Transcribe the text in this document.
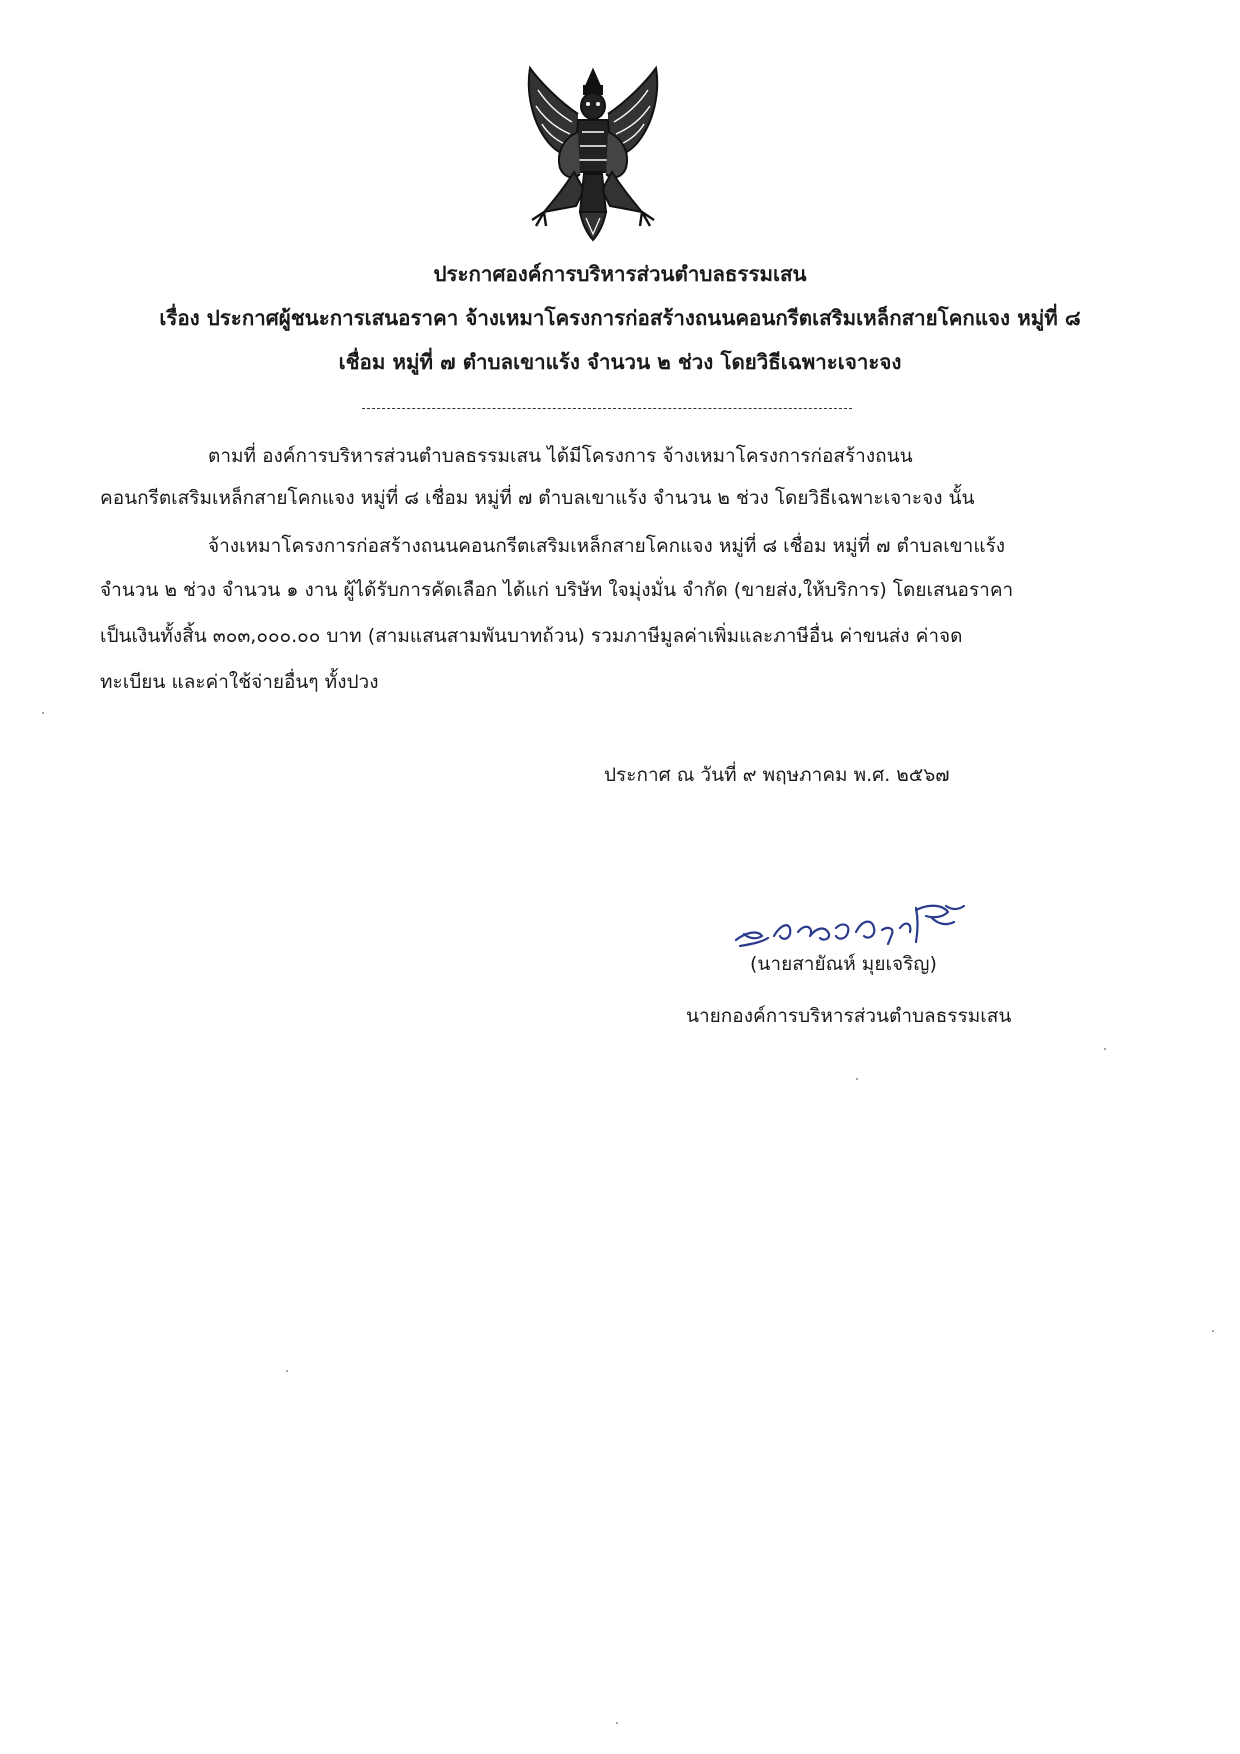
ประกาศองค์การบริหารส่วนตำบลธรรมเสน
เรื่อง ประกาศผู้ชนะการเสนอราคา จ้างเหมาโครงการก่อสร้างถนนคอนกรีตเสริมเหล็กสายโคกแจง หมู่ที่ ๘
เชื่อม หมู่ที่ ๗ ตำบลเขาแร้ง จำนวน ๒ ช่วง โดยวิธีเฉพาะเจาะจง
ตามที่ องค์การบริหารส่วนตำบลธรรมเสน ได้มีโครงการ จ้างเหมาโครงการก่อสร้างถนน
คอนกรีตเสริมเหล็กสายโคกแจง หมู่ที่ ๘ เชื่อม หมู่ที่ ๗ ตำบลเขาแร้ง จำนวน ๒ ช่วง โดยวิธีเฉพาะเจาะจง นั้น
จ้างเหมาโครงการก่อสร้างถนนคอนกรีตเสริมเหล็กสายโคกแจง หมู่ที่ ๘ เชื่อม หมู่ที่ ๗ ตำบลเขาแร้ง
จำนวน ๒ ช่วง จำนวน ๑ งาน ผู้ได้รับการคัดเลือก ได้แก่ บริษัท ใจมุ่งมั่น จำกัด (ขายส่ง,ให้บริการ) โดยเสนอราคา
เป็นเงินทั้งสิ้น ๓๐๓,๐๐๐.๐๐ บาท (สามแสนสามพันบาทถ้วน) รวมภาษีมูลค่าเพิ่มและภาษีอื่น ค่าขนส่ง ค่าจด
ทะเบียน และค่าใช้จ่ายอื่นๆ ทั้งปวง
ประกาศ ณ วันที่ ๙ พฤษภาคม พ.ศ. ๒๕๖๗
(นายสายัณห์ มุยเจริญ)
นายกองค์การบริหารส่วนตำบลธรรมเสน
